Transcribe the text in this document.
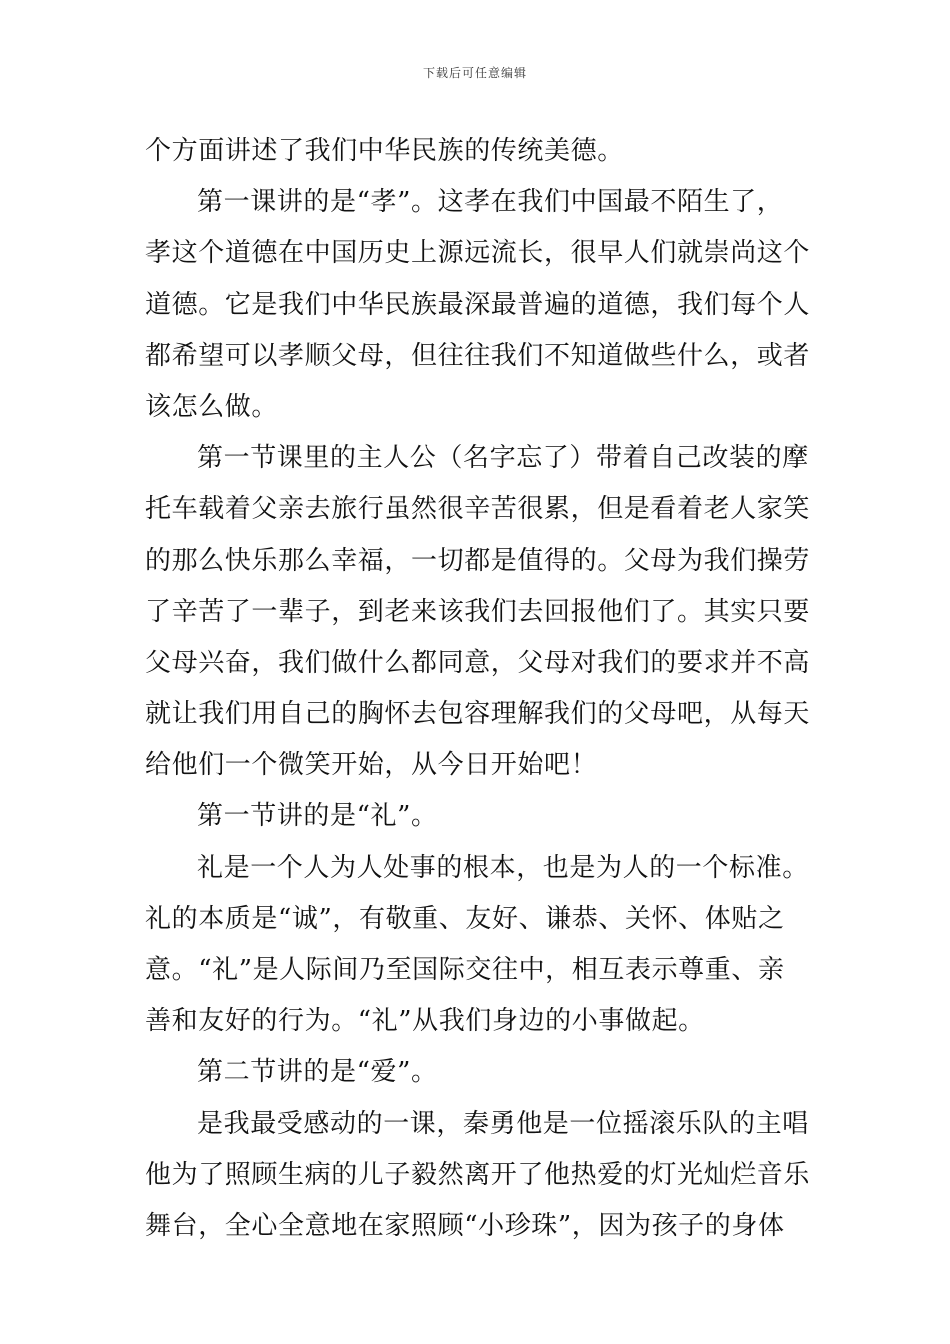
下载后可任意编辑
个方面讲述了我们中华民族的传统美德。
第一课讲的是“孝”。这孝在我们中国最不陌生了，
孝这个道德在中国历史上源远流长，很早人们就崇尚这个
道德。它是我们中华民族最深最普遍的道德，我们每个人
都希望可以孝顺父母，但往往我们不知道做些什么，或者
该怎么做。
第一节课里的主人公（名字忘了）带着自己改装的摩
托车载着父亲去旅行虽然很辛苦很累，但是看着老人家笑
的那么快乐那么幸福，一切都是值得的。父母为我们操劳
了辛苦了一辈子，到老来该我们去回报他们了。其实只要
父母兴奋，我们做什么都同意，父母对我们的要求并不高
就让我们用自己的胸怀去包容理解我们的父母吧，从每天
给他们一个微笑开始，从今日开始吧！
第一节讲的是“礼”。
礼是一个人为人处事的根本，也是为人的一个标准。
礼的本质是“诚”，有敬重、友好、谦恭、关怀、体贴之
意。“礼”是人际间乃至国际交往中，相互表示尊重、亲
善和友好的行为。“礼”从我们身边的小事做起。
第二节讲的是“爱”。
是我最受感动的一课，秦勇他是一位摇滚乐队的主唱
他为了照顾生病的儿子毅然离开了他热爱的灯光灿烂音乐
舞台，全心全意地在家照顾“小珍珠”，因为孩子的身体
